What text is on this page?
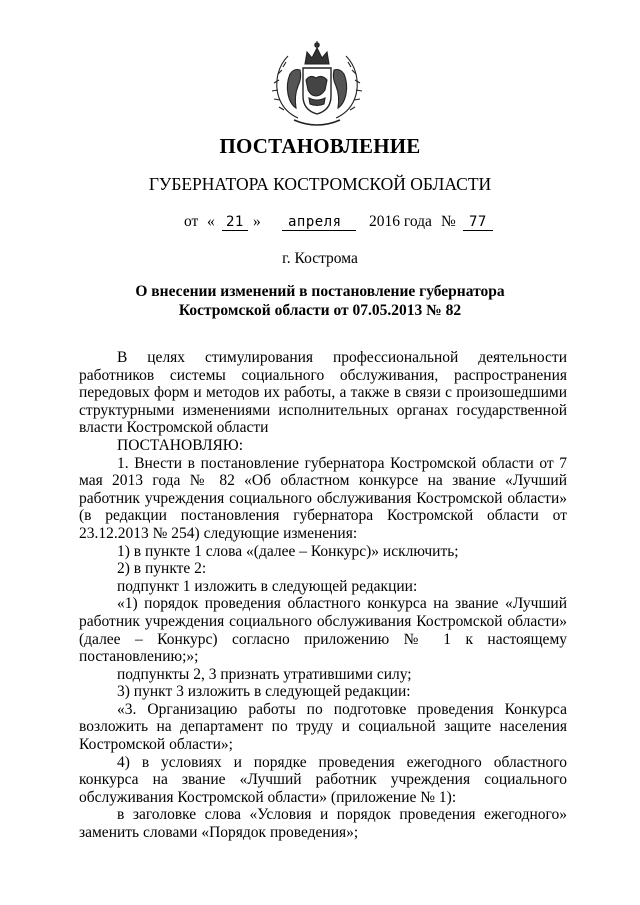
ПОСТАНОВЛЕНИЕ
ГУБЕРНАТОРА КОСТРОМСКОЙ ОБЛАСТИ
от « 21 »	апреля	2016 года № 77
г. Кострома
О внесении изменений в постановление губернатора
Костромской области от 07.05.2013 № 82

В целях стимулирования профессиональной деятельности работников системы социального обслуживания, распространения передовых форм и методов их работы, а также в связи с произошедшими структурными изменениями исполнительных органах государственной власти Костромской области

ПОСТАНОВЛЯЮ:

1. Внести в постановление губернатора Костромской области от 7 мая 2013 года № 82 «Об областном конкурсе на звание «Лучший работник учреждения социального обслуживания Костромской области» (в редакции постановления губернатора Костромской области от 23.12.2013 № 254) следующие изменения:

1) в пункте 1 слова «(далее – Конкурс)» исключить;

2) в пункте 2:

подпункт 1 изложить в следующей редакции:

«1) порядок проведения областного конкурса на звание «Лучший работник учреждения социального обслуживания Костромской области» (далее – Конкурс) согласно приложению № 1 к настоящему постановлению;»;

подпункты 2, 3 признать утратившими силу;

3) пункт 3 изложить в следующей редакции:

«3. Организацию работы по подготовке проведения Конкурса возложить на департамент по труду и социальной защите населения Костромской области»;

4) в условиях и порядке проведения ежегодного областного конкурса на звание «Лучший работник учреждения социального обслуживания Костромской области» (приложение № 1):

в заголовке слова «Условия и порядок проведения ежегодного» заменить словами «Порядок проведения»;
